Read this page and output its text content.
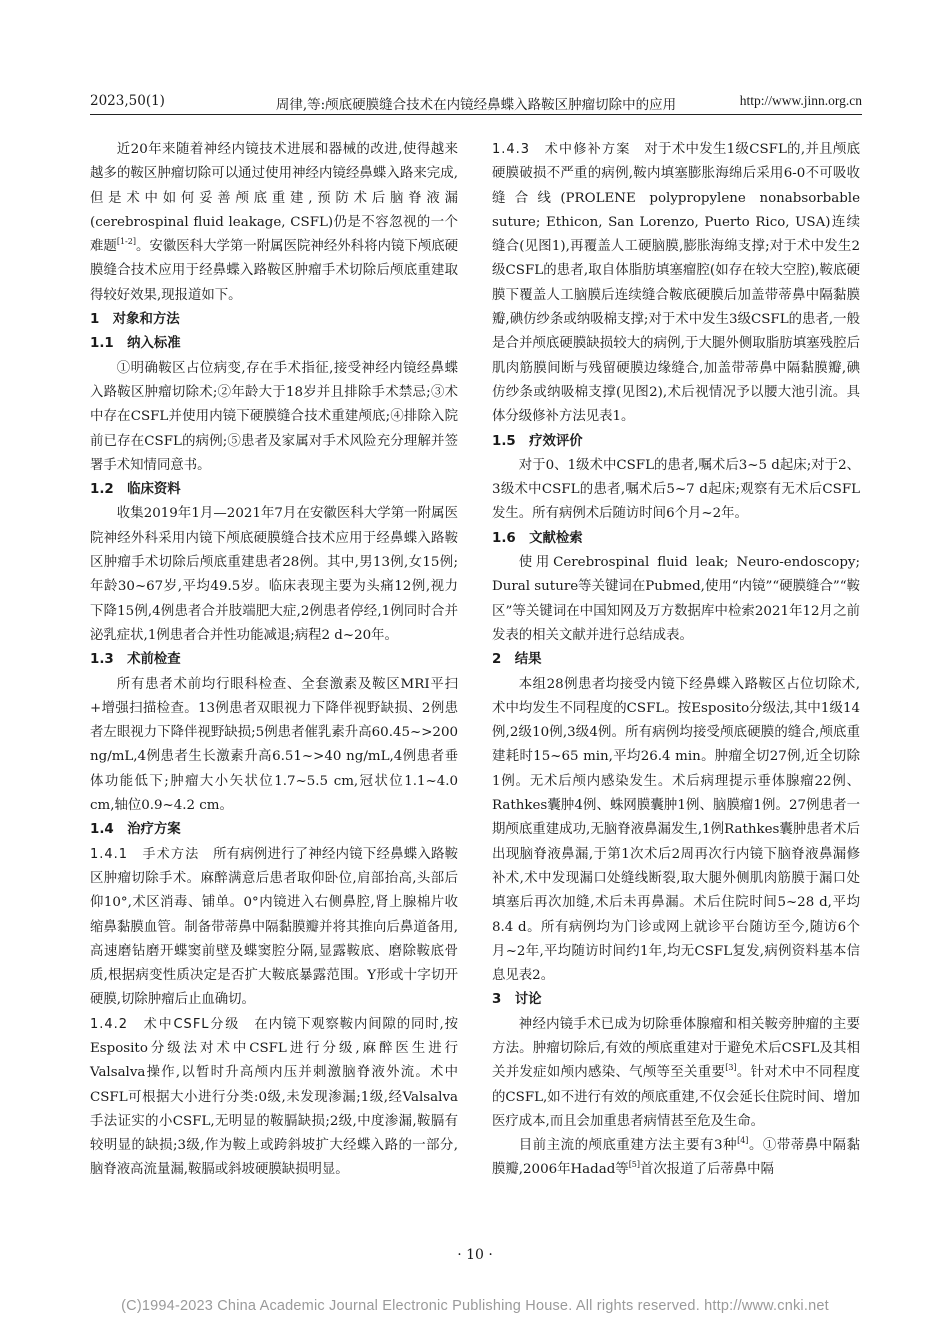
2023,50(1)	周律,等:颅底硬膜缝合技术在内镜经鼻蝶入路鞍区肿瘤切除中的应用	http://www.jinn.org.cn

近20年来随着神经内镜技术进展和器械的改进,使得越来越多的鞍区肿瘤切除可以通过使用神经内镜经鼻蝶入路来完成,但是术中如何妥善颅底重建,预防术后脑脊液漏(cerebrospinal fluid leakage, CSFL)仍是不容忽视的一个难题[1-2]。安徽医科大学第一附属医院神经外科将内镜下颅底硬膜缝合技术应用于经鼻蝶入路鞍区肿瘤手术切除后颅底重建取得较好效果,现报道如下。

1　对象和方法

1.1　纳入标准

①明确鞍区占位病变,存在手术指征,接受神经内镜经鼻蝶入路鞍区肿瘤切除术;②年龄大于18岁并且排除手术禁忌;③术中存在CSFL并使用内镜下硬膜缝合技术重建颅底;④排除入院前已存在CSFL的病例;⑤患者及家属对手术风险充分理解并签署手术知情同意书。

1.2　临床资料

收集2019年1月—2021年7月在安徽医科大学第一附属医院神经外科采用内镜下颅底硬膜缝合技术应用于经鼻蝶入路鞍区肿瘤手术切除后颅底重建患者28例。其中,男13例,女15例;年龄30~67岁,平均49.5岁。临床表现主要为头痛12例,视力下降15例,4例患者合并肢端肥大症,2例患者停经,1例同时合并泌乳症状,1例患者合并性功能减退;病程2 d~20年。

1.3　术前检查

所有患者术前均行眼科检查、全套激素及鞍区MRI平扫+增强扫描检查。13例患者双眼视力下降伴视野缺损、2例患者左眼视力下降伴视野缺损;5例患者催乳素升高60.45~>200 ng/mL,4例患者生长激素升高6.51~>40 ng/mL,4例患者垂体功能低下;肿瘤大小矢状位1.7~5.5 cm,冠状位1.1~4.0 cm,轴位0.9~4.2 cm。

1.4　治疗方案

1.4.1　手术方法　 所有病例进行了神经内镜下经鼻蝶入路鞍区肿瘤切除手术。麻醉满意后患者取仰卧位,肩部抬高,头部后仰10°,术区消毒、铺单。0°内镜进入右侧鼻腔,肾上腺棉片收缩鼻黏膜血管。制备带蒂鼻中隔黏膜瓣并将其推向后鼻道备用,高速磨钻磨开蝶窦前壁及蝶窦腔分隔,显露鞍底、磨除鞍底骨质,根据病变性质决定是否扩大鞍底暴露范围。Y形或十字切开硬膜,切除肿瘤后止血确切。

1.4.2　术中CSFL分级　 在内镜下观察鞍内间隙的同时,按Esposito分级法对术中CSFL进行分级,麻醉医生进行Valsalva操作,以暂时升高颅内压并刺激脑脊液外流。术中CSFL可根据大小进行分类:0级,未发现渗漏;1级,经Valsalva手法证实的小CSFL,无明显的鞍膈缺损;2级,中度渗漏,鞍膈有较明显的缺损;3级,作为鞍上或跨斜坡扩大经蝶入路的一部分,脑脊液高流量漏,鞍膈或斜坡硬膜缺损明显。

1.4.3　术中修补方案　 对于术中发生1级CSFL的,并且颅底硬膜破损不严重的病例,鞍内填塞膨胀海绵后采用6-0不可吸收缝合线(PROLENE polypropylene nonabsorbable suture; Ethicon, San Lorenzo, Puerto Rico, USA)连续缝合(见图1),再覆盖人工硬脑膜,膨胀海绵支撑;对于术中发生2级CSFL的患者,取自体脂肪填塞瘤腔(如存在较大空腔),鞍底硬膜下覆盖人工脑膜后连续缝合鞍底硬膜后加盖带蒂鼻中隔黏膜瓣,碘仿纱条或纳吸棉支撑;对于术中发生3级CSFL的患者,一般是合并颅底硬膜缺损较大的病例,于大腿外侧取脂肪填塞残腔后肌肉筋膜间断与残留硬膜边缘缝合,加盖带蒂鼻中隔黏膜瓣,碘仿纱条或纳吸棉支撑(见图2),术后视情况予以腰大池引流。具体分级修补方法见表1。

1.5　疗效评价

对于0、1级术中CSFL的患者,嘱术后3~5 d起床;对于2、3级术中CSFL的患者,嘱术后5~7 d起床;观察有无术后CSFL发生。所有病例术后随访时间6个月~2年。

1.6　文献检索

使用Cerebrospinal fluid leak; Neuro-endoscopy; Dural suture等关键词在Pubmed,使用“内镜”“硬膜缝合”“鞍区”等关键词在中国知网及万方数据库中检索2021年12月之前发表的相关文献并进行总结成表。

2　结果

本组28例患者均接受内镜下经鼻蝶入路鞍区占位切除术,术中均发生不同程度的CSFL。按Esposito分级法,其中1级14例,2级10例,3级4例。所有病例均接受颅底硬膜的缝合,颅底重建耗时15~65 min,平均26.4 min。肿瘤全切27例,近全切除1例。无术后颅内感染发生。术后病理提示垂体腺瘤22例、Rathkes囊肿4例、蛛网膜囊肿1例、脑膜瘤1例。27例患者一期颅底重建成功,无脑脊液鼻漏发生,1例Rathkes囊肿患者术后出现脑脊液鼻漏,于第1次术后2周再次行内镜下脑脊液鼻漏修补术,术中发现漏口处缝线断裂,取大腿外侧肌肉筋膜于漏口处填塞后再次加缝,术后未再鼻漏。术后住院时间5~28 d,平均8.4 d。所有病例均为门诊或网上就诊平台随访至今,随访6个月~2年,平均随访时间约1年,均无CSFL复发,病例资料基本信息见表2。

3　讨论

神经内镜手术已成为切除垂体腺瘤和相关鞍旁肿瘤的主要方法。肿瘤切除后,有效的颅底重建对于避免术后CSFL及其相关并发症如颅内感染、气颅等至关重要[3]。针对术中不同程度的CSFL,如不进行有效的颅底重建,不仅会延长住院时间、增加医疗成本,而且会加重患者病情甚至危及生命。

目前主流的颅底重建方法主要有3种[4]。①带蒂鼻中隔黏膜瓣,2006年Hadad等[5]首次报道了后蒂鼻中隔

· 10 ·
(C)1994-2023 China Academic Journal Electronic Publishing House. All rights reserved. http://www.cnki.net
